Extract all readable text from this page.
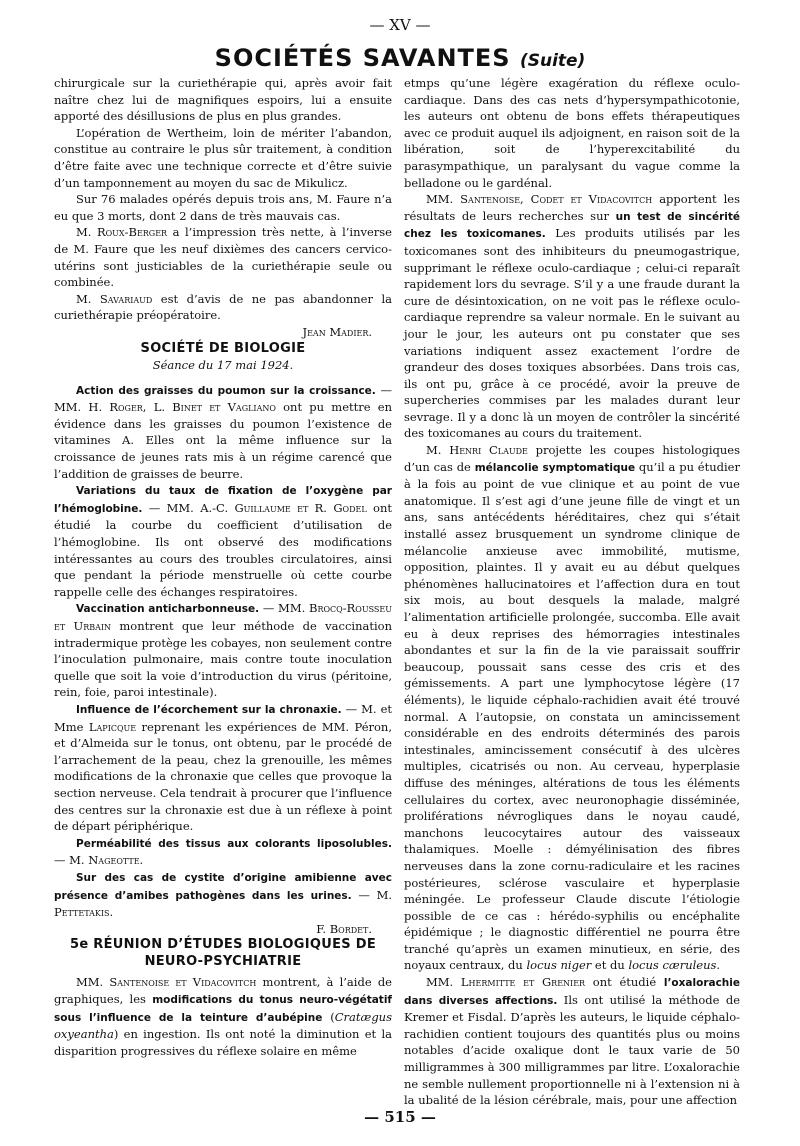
— XV —
SOCIÉTÉS SAVANTES (Suite)

chirurgicale sur la curiethérapie qui, après avoir fait naître chez lui de magnifiques espoirs, lui a ensuite apporté des désillusions de plus en plus grandes.

L’opération de Wertheim, loin de mériter l’abandon, constitue au contraire le plus sûr traitement, à condition d’être faite avec une technique correcte et d’être suivie d’un tamponnement au moyen du sac de Mikulicz.

Sur 76 malades opérés depuis trois ans, M. Faure n’a eu que 3 morts, dont 2 dans de très mauvais cas.

M. Roux-Berger a l’impression très nette, à l’inverse de M. Faure que les neuf dixièmes des cancers cervico-utérins sont justiciables de la curiethérapie seule ou combinée.

M. Savariaud est d’avis de ne pas abandonner la curiethérapie préopératoire.

Jean Madier.

SOCIÉTÉ DE BIOLOGIE

Séance du 17 mai 1924.

Action des graisses du poumon sur la croissance. — MM. H. Roger, L. Binet et Vagliano ont pu mettre en évidence dans les graisses du poumon l’existence de vitamines A. Elles ont la même influence sur la croissance de jeunes rats mis à un régime carencé que l’addition de graisses de beurre.

Variations du taux de fixation de l’oxygène par l’hémoglobine. — MM. A.-C. Guillaume et R. Godel ont étudié la courbe du coefficient d’utilisation de l’hémoglobine. Ils ont observé des modifications intéressantes au cours des troubles circulatoires, ainsi que pendant la période menstruelle où cette courbe rappelle celle des échanges respiratoires.

Vaccination anticharbonneuse. — MM. Brocq-Rousseu et Urbain montrent que leur méthode de vaccination intradermique protège les cobayes, non seulement contre l’inoculation pulmonaire, mais contre toute inoculation quelle que soit la voie d’introduction du virus (péritoine, rein, foie, paroi intestinale).

Influence de l’écorchement sur la chronaxie. — M. et Mme Lapicque reprenant les expériences de MM. Péron, et d’Almeida sur le tonus, ont obtenu, par le procédé de l’arrachement de la peau, chez la grenouille, les mêmes modifications de la chronaxie que celles que provoque la section nerveuse. Cela tendrait à procurer que l’influence des centres sur la chronaxie est due à un réflexe à point de départ périphérique.

Perméabilité des tissus aux colorants liposolubles. — M. Nageotte.

Sur des cas de cystite d’origine amibienne avec présence d’amibes pathogènes dans les urines. — M. Pettetakis.

F. Bordet.

5e RÉUNION D’ÉTUDES BIOLOGIQUES DE NEURO-PSYCHIATRIE

MM. Santenoise et Vidacovitch montrent, à l’aide de graphiques, les modifications du tonus neuro-végétatif sous l’influence de la teinture d’aubépine (Cratægus oxyeantha) en ingestion. Ils ont noté la diminution et la disparition progressives du réflexe solaire en même

etmps qu’une légère exagération du réflexe oculo-cardiaque. Dans des cas nets d’hypersympathicotonie, les auteurs ont obtenu de bons effets thérapeutiques avec ce produit auquel ils adjoignent, en raison soit de la libération, soit de l’hyperexcitabilité du parasympathique, un paralysant du vague comme la belladone ou le gardénal.

MM. Santenoise, Codet et Vidacovitch apportent les résultats de leurs recherches sur un test de sincérité chez les toxicomanes. Les produits utilisés par les toxicomanes sont des inhibiteurs du pneumogastrique, supprimant le réflexe oculo-cardiaque ; celui-ci reparaît rapidement lors du sevrage. S’il y a une fraude durant la cure de désintoxication, on ne voit pas le réflexe oculo-cardiaque reprendre sa valeur normale. En le suivant au jour le jour, les auteurs ont pu constater que ses variations indiquent assez exactement l’ordre de grandeur des doses toxiques absorbées. Dans trois cas, ils ont pu, grâce à ce procédé, avoir la preuve de supercheries commises par les malades durant leur sevrage. Il y a donc là un moyen de contrôler la sincérité des toxicomanes au cours du traitement.

M. Henri Claude projette les coupes histologiques d’un cas de mélancolie symptomatique qu’il a pu étudier à la fois au point de vue clinique et au point de vue anatomique. Il s’est agi d’une jeune fille de vingt et un ans, sans antécédents héréditaires, chez qui s’était installé assez brusquement un syndrome clinique de mélancolie anxieuse avec immobilité, mutisme, opposition, plaintes. Il y avait eu au début quelques phénomènes hallucinatoires et l’affection dura en tout six mois, au bout desquels la malade, malgré l’alimentation artificielle prolongée, succomba. Elle avait eu à deux reprises des hémorragies intestinales abondantes et sur la fin de la vie paraissait souffrir beaucoup, poussait sans cesse des cris et des gémissements. A part une lymphocytose légère (17 éléments), le liquide céphalo-rachidien avait été trouvé normal. A l’autopsie, on constata un amincissement considérable en des endroits déterminés des parois intestinales, amincissement consécutif à des ulcères multiples, cicatrisés ou non. Au cerveau, hyperplasie diffuse des méninges, altérations de tous les éléments cellulaires du cortex, avec neuronophagie disséminée, proliférations névrogliques dans le noyau caudé, manchons leucocytaires autour des vaisseaux thalamiques. Moelle : démyélinisation des fibres nerveuses dans la zone cornu-radiculaire et les racines postérieures, sclérose vasculaire et hyperplasie méningée. Le professeur Claude discute l’étiologie possible de ce cas : hérédo-syphilis ou encéphalite épidémique ; le diagnostic différentiel ne pourra être tranché qu’après un examen minutieux, en série, des noyaux centraux, du locus niger et du locus cæruleus.

MM. Lhermitte et Grenier ont étudié l’oxalorachie dans diverses affections. Ils ont utilisé la méthode de Kremer et Fisdal. D’après les auteurs, le liquide céphalo-rachidien contient toujours des quantités plus ou moins notables d’acide oxalique dont le taux varie de 50 milligrammes à 300 milligrammes par litre. L’oxalorachie ne semble nullement proportionnelle ni à l’extension ni à la ubalité de la lésion cérébrale, mais, pour une affection

— 515 —
